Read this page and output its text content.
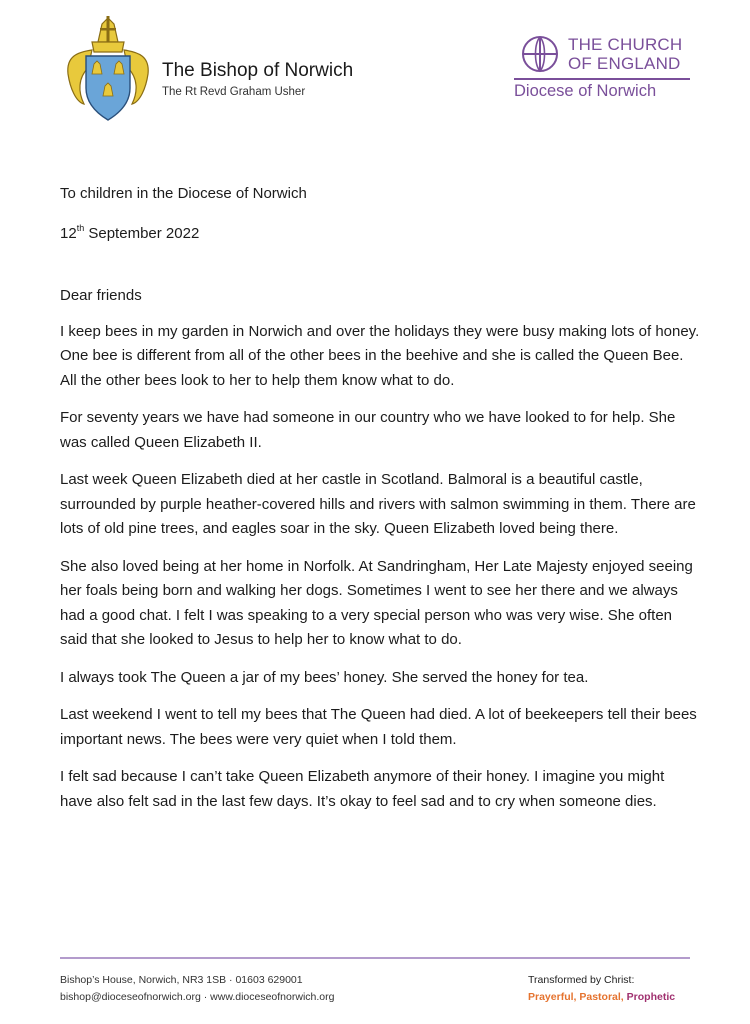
The Bishop of Norwich
The Rt Revd Graham Usher
THE CHURCH
OF ENGLAND
Diocese of Norwich

To children in the Diocese of Norwich

12th September 2022

Dear friends

I keep bees in my garden in Norwich and over the holidays they were busy making lots of honey. One bee is different from all of the other bees in the beehive and she is called the Queen Bee. All the other bees look to her to help them know what to do.

For seventy years we have had someone in our country who we have looked to for help. She was called Queen Elizabeth II.

Last week Queen Elizabeth died at her castle in Scotland. Balmoral is a beautiful castle, surrounded by purple heather-covered hills and rivers with salmon swimming in them. There are lots of old pine trees, and eagles soar in the sky. Queen Elizabeth loved being there.

She also loved being at her home in Norfolk. At Sandringham, Her Late Majesty enjoyed seeing her foals being born and walking her dogs. Sometimes I went to see her there and we always had a good chat. I felt I was speaking to a very special person who was very wise. She often said that she looked to Jesus to help her to know what to do.

I always took The Queen a jar of my bees’ honey. She served the honey for tea.

Last weekend I went to tell my bees that The Queen had died. A lot of beekeepers tell their bees important news. The bees were very quiet when I told them.

I felt sad because I can’t take Queen Elizabeth anymore of their honey. I imagine you might have also felt sad in the last few days. It’s okay to feel sad and to cry when someone dies.

Bishop’s House, Norwich, NR3 1SB · 01603 629001
bishop@dioceseofnorwich.org · www.dioceseofnorwich.org
Transformed by Christ:
Prayerful, Pastoral, Prophetic
